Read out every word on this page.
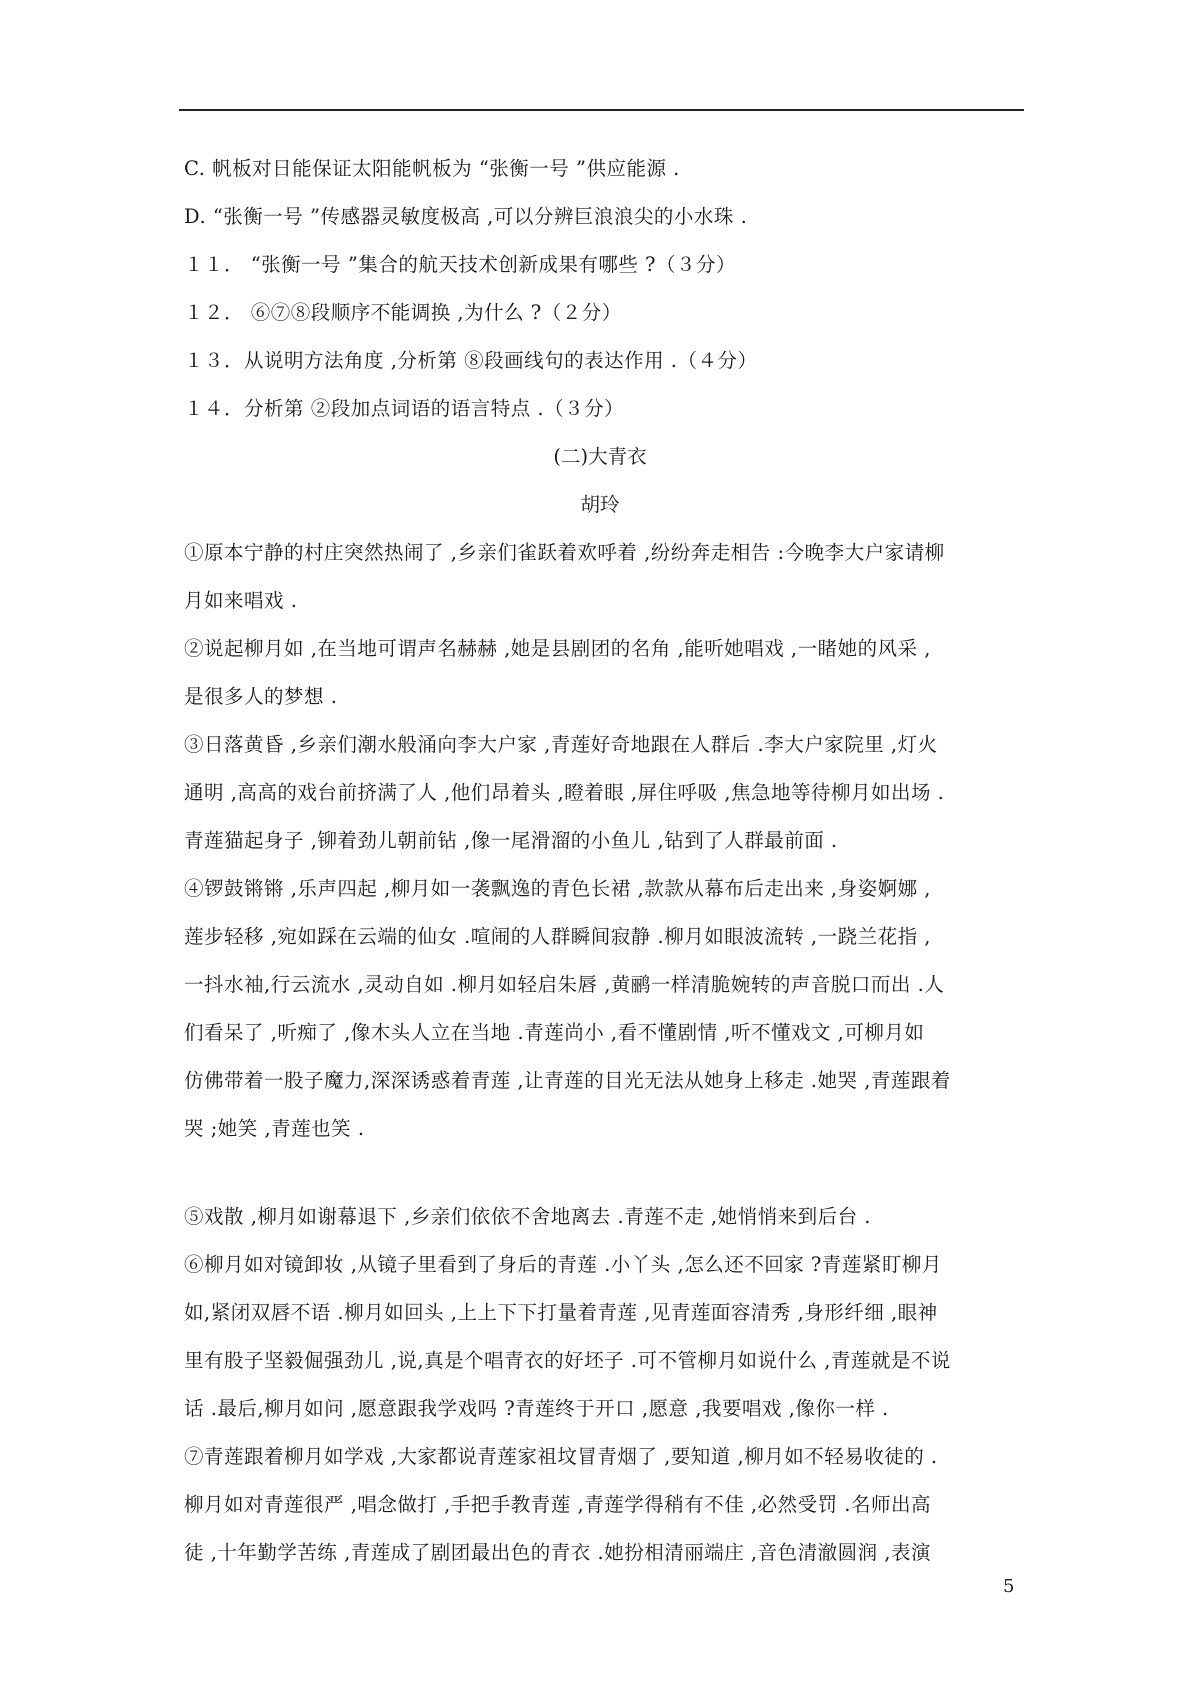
C. 帆板对日能保证太阳能帆板为 “张衡一号 ”供应能源 .
D. “张衡一号 ”传感器灵敏度极高 ,可以分辨巨浪浪尖的小水珠 .
１１． “张衡一号 ”集合的航天技术创新成果有哪些 ?（３分）
１２． ⑥⑦⑧段顺序不能调换 ,为什么 ?（２分）
１３．从说明方法角度 ,分析第 ⑧段画线句的表达作用 .（４分）
１４．分析第 ②段加点词语的语言特点 .（３分）
(二)大青衣
胡玲
①原本宁静的村庄突然热闹了 ,乡亲们雀跃着欢呼着 ,纷纷奔走相告 :今晚李大户家请柳
月如来唱戏 .
②说起柳月如 ,在当地可谓声名赫赫 ,她是县剧团的名角 ,能听她唱戏 ,一睹她的风采 ,
是很多人的梦想 .
③日落黄昏 ,乡亲们潮水般涌向李大户家 ,青莲好奇地跟在人群后 .李大户家院里 ,灯火
通明 ,高高的戏台前挤满了人 ,他们昂着头 ,瞪着眼 ,屏住呼吸 ,焦急地等待柳月如出场 .
青莲猫起身子 ,铆着劲儿朝前钻 ,像一尾滑溜的小鱼儿 ,钻到了人群最前面 .
④锣鼓锵锵 ,乐声四起 ,柳月如一袭飘逸的青色长裙 ,款款从幕布后走出来 ,身姿婀娜 ,
莲步轻移 ,宛如踩在云端的仙女 .喧闹的人群瞬间寂静 .柳月如眼波流转 ,一跷兰花指 ,
一抖水袖,行云流水 ,灵动自如 .柳月如轻启朱唇 ,黄鹂一样清脆婉转的声音脱口而出 .人
们看呆了 ,听痴了 ,像木头人立在当地 .青莲尚小 ,看不懂剧情 ,听不懂戏文 ,可柳月如
仿佛带着一股子魔力,深深诱惑着青莲 ,让青莲的目光无法从她身上移走 .她哭 ,青莲跟着
哭 ;她笑 ,青莲也笑 .
⑤戏散 ,柳月如谢幕退下 ,乡亲们依依不舍地离去 .青莲不走 ,她悄悄来到后台 .
⑥柳月如对镜卸妆 ,从镜子里看到了身后的青莲 .小丫头 ,怎么还不回家 ?青莲紧盯柳月
如,紧闭双唇不语 .柳月如回头 ,上上下下打量着青莲 ,见青莲面容清秀 ,身形纤细 ,眼神
里有股子坚毅倔强劲儿 ,说,真是个唱青衣的好坯子 .可不管柳月如说什么 ,青莲就是不说
话 .最后,柳月如问 ,愿意跟我学戏吗 ?青莲终于开口 ,愿意 ,我要唱戏 ,像你一样 .
⑦青莲跟着柳月如学戏 ,大家都说青莲家祖坟冒青烟了 ,要知道 ,柳月如不轻易收徒的 .
柳月如对青莲很严 ,唱念做打 ,手把手教青莲 ,青莲学得稍有不佳 ,必然受罚 .名师出高
徒 ,十年勤学苦练 ,青莲成了剧团最出色的青衣 .她扮相清丽端庄 ,音色清澈圆润 ,表演
5
